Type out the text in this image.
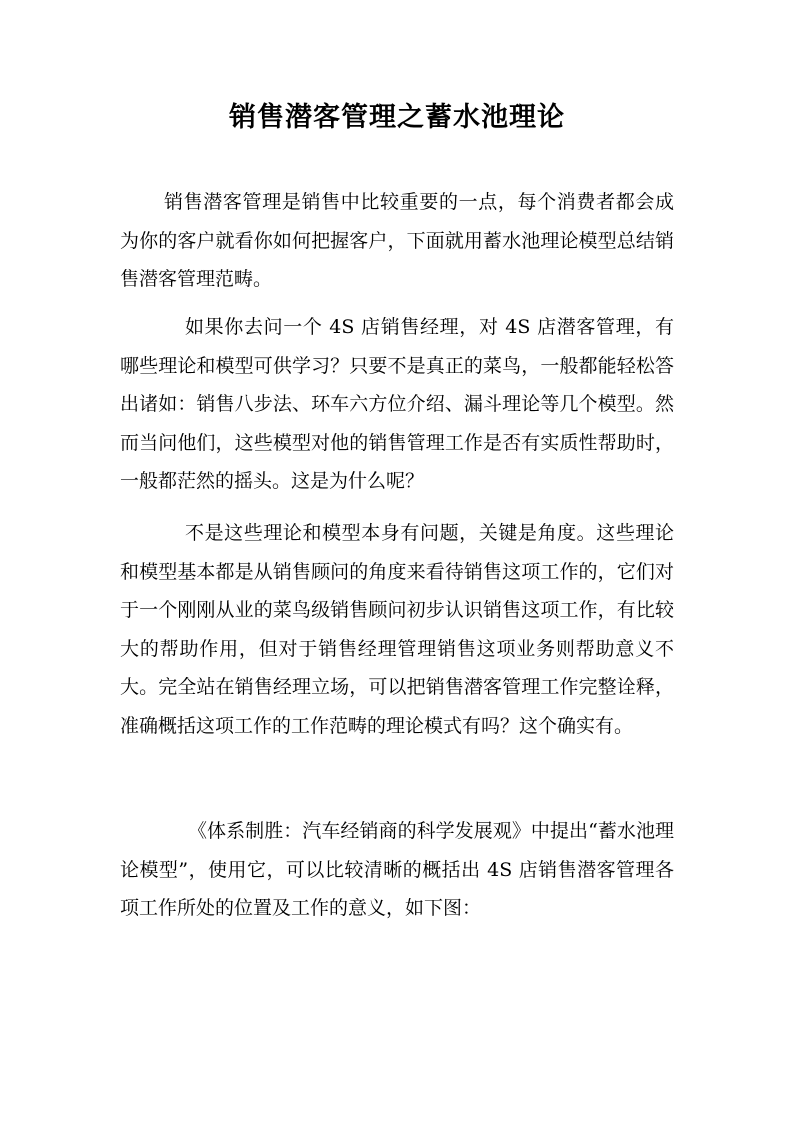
销售潜客管理之蓄水池理论

销售潜客管理是销售中比较重要的一点，每个消费者都会成为你的客户就看你如何把握客户，下面就用蓄水池理论模型总结销售潜客管理范畴。

如果你去问一个 4S 店销售经理，对 4S 店潜客管理，有哪些理论和模型可供学习？只要不是真正的菜鸟，一般都能轻松答出诸如：销售八步法、环车六方位介绍、漏斗理论等几个模型。然而当问他们，这些模型对他的销售管理工作是否有实质性帮助时，一般都茫然的摇头。这是为什么呢？

不是这些理论和模型本身有问题，关键是角度。这些理论和模型基本都是从销售顾问的角度来看待销售这项工作的，它们对于一个刚刚从业的菜鸟级销售顾问初步认识销售这项工作，有比较大的帮助作用，但对于销售经理管理销售这项业务则帮助意义不大。完全站在销售经理立场，可以把销售潜客管理工作完整诠释，准确概括这项工作的工作范畴的理论模式有吗？这个确实有。

《体系制胜：汽车经销商的科学发展观》中提出“蓄水池理论模型”，使用它，可以比较清晰的概括出 4S 店销售潜客管理各项工作所处的位置及工作的意义，如下图：
